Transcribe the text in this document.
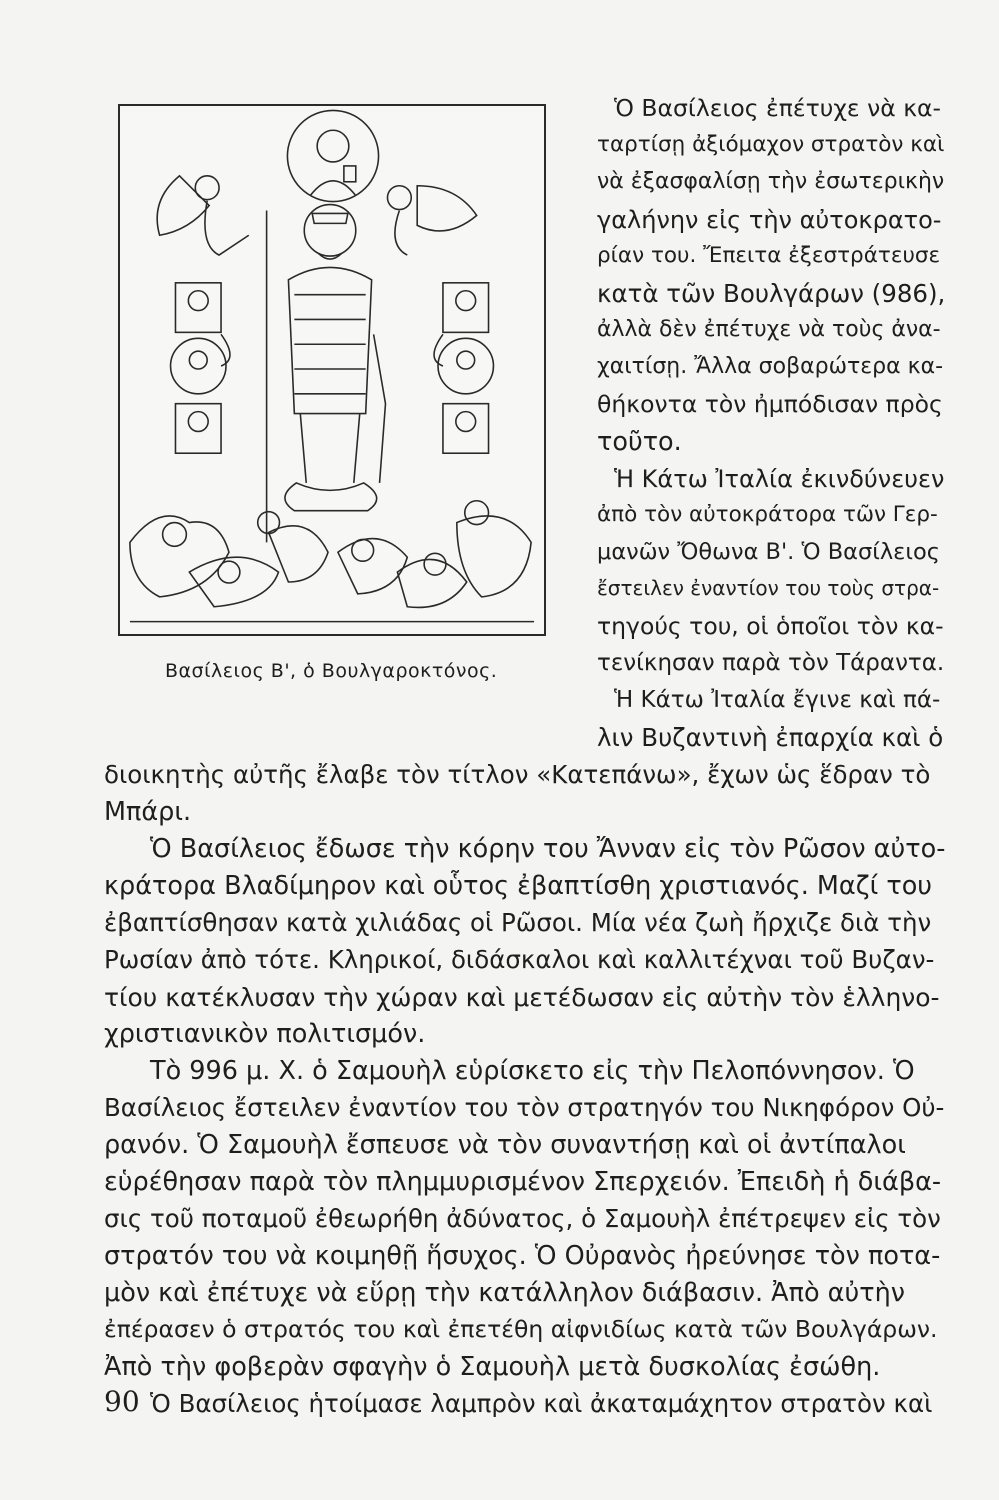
Βασίλειος Β', ὁ Βουλγαροκτόνος.
Ὁ Βασίλειος ἐπέτυχε νὰ κα-
ταρτίσῃ ἀξιόμαχον στρατὸν καὶ
νὰ ἐξασφαλίσῃ τὴν ἐσωτερικὴν
γαλήνην εἰς τὴν αὐτοκρατο-
ρίαν του. Ἔπειτα ἐξεστράτευσε
κατὰ τῶν Βουλγάρων (986),
ἀλλὰ δὲν ἐπέτυχε νὰ τοὺς ἀνα-
χαιτίσῃ. Ἄλλα σοβαρώτερα κα-
θήκοντα τὸν ἠμπόδισαν πρὸς
τοῦτο.
Ἡ Κάτω Ἰταλία ἐκινδύνευεν
ἀπὸ τὸν αὐτοκράτορα τῶν Γερ-
μανῶν Ὄθωνα Β'. Ὁ Βασίλειος
ἔστειλεν ἐναντίον του τοὺς στρα-
τηγούς του, οἱ ὁποῖοι τὸν κα-
τενίκησαν παρὰ τὸν Τάραντα.
Ἡ Κάτω Ἰταλία ἔγινε καὶ πά-
λιν Βυζαντινὴ ἐπαρχία καὶ ὁ
διοικητὴς αὐτῆς ἔλαβε τὸν τίτλον «Κατεπάνω», ἔχων ὡς ἕδραν τὸ
Μπάρι.
Ὁ Βασίλειος ἔδωσε τὴν κόρην του Ἄνναν εἰς τὸν Ρῶσον αὐτο-
κράτορα Βλαδίμηρον καὶ οὗτος ἐβαπτίσθη χριστιανός. Μαζί του
ἐβαπτίσθησαν κατὰ χιλιάδας οἱ Ρῶσοι. Μία νέα ζωὴ ἤρχιζε διὰ τὴν
Ρωσίαν ἀπὸ τότε. Κληρικοί, διδάσκαλοι καὶ καλλιτέχναι τοῦ Βυζαν-
τίου κατέκλυσαν τὴν χώραν καὶ μετέδωσαν εἰς αὐτὴν τὸν ἑλληνο-
χριστιανικὸν πολιτισμόν.
Τὸ 996 μ. Χ. ὁ Σαμουὴλ εὑρίσκετο εἰς τὴν Πελοπόννησον. Ὁ
Βασίλειος ἔστειλεν ἐναντίον του τὸν στρατηγόν του Νικηφόρον Οὐ-
ρανόν. Ὁ Σαμουὴλ ἔσπευσε νὰ τὸν συναντήσῃ καὶ οἱ ἀντίπαλοι
εὑρέθησαν παρὰ τὸν πλημμυρισμένον Σπερχειόν. Ἐπειδὴ ἡ διάβα-
σις τοῦ ποταμοῦ ἐθεωρήθη ἀδύνατος, ὁ Σαμουὴλ ἐπέτρεψεν εἰς τὸν
στρατόν του νὰ κοιμηθῇ ἥσυχος. Ὁ Οὐρανὸς ἠρεύνησε τὸν ποτα-
μὸν καὶ ἐπέτυχε νὰ εὕρῃ τὴν κατάλληλον διάβασιν. Ἀπὸ αὐτὴν
ἐπέρασεν ὁ στρατός του καὶ ἐπετέθη αἰφνιδίως κατὰ τῶν Βουλγάρων.
Ἀπὸ τὴν φοβερὰν σφαγὴν ὁ Σαμουὴλ μετὰ δυσκολίας ἐσώθη.
Ὁ Βασίλειος ἡτοίμασε λαμπρὸν καὶ ἀκαταμάχητον στρατὸν καὶ
90
